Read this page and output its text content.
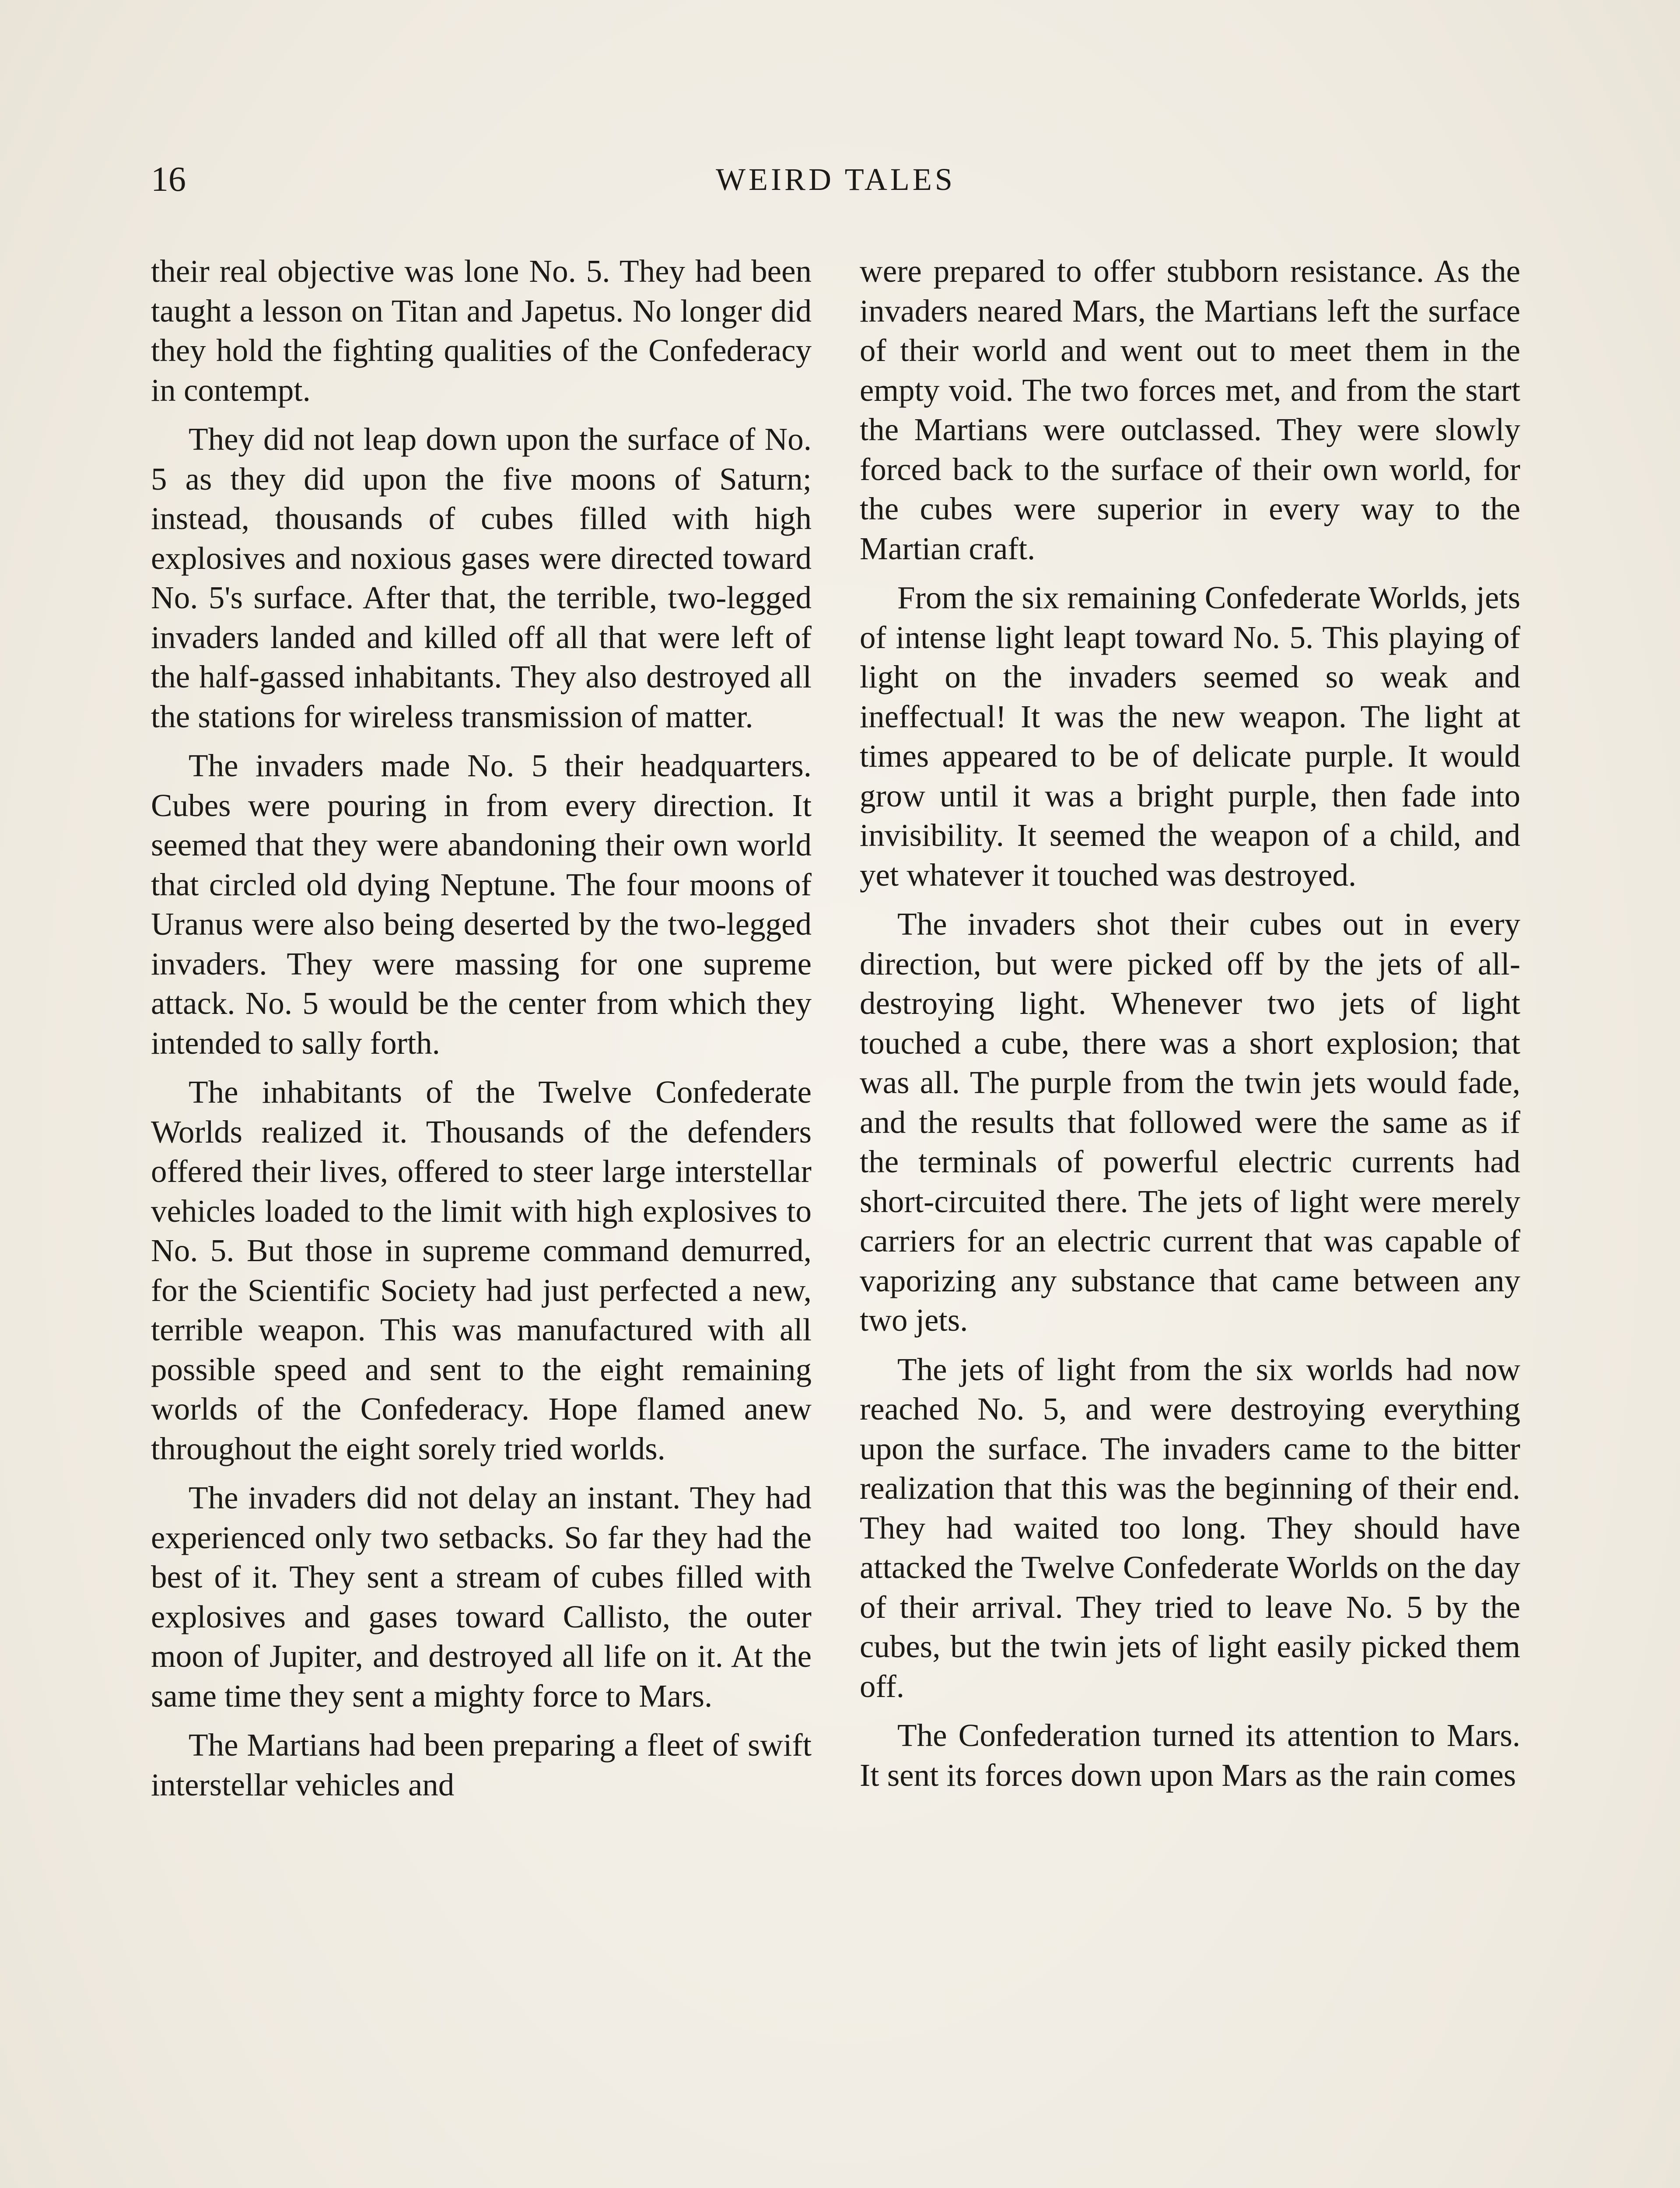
16	WEIRD TALES

their real objective was lone No. 5. They had been taught a lesson on Titan and Japetus. No longer did they hold the fighting qualities of the Confederacy in contempt.

They did not leap down upon the surface of No. 5 as they did upon the five moons of Saturn; instead, thousands of cubes filled with high explosives and noxious gases were directed toward No. 5's surface. After that, the terrible, two-legged invaders landed and killed off all that were left of the half-gassed inhabitants. They also destroyed all the stations for wireless transmission of matter.

The invaders made No. 5 their headquarters. Cubes were pouring in from every direction. It seemed that they were abandoning their own world that circled old dying Neptune. The four moons of Uranus were also being deserted by the two-legged invaders. They were massing for one supreme attack. No. 5 would be the center from which they intended to sally forth.

The inhabitants of the Twelve Confederate Worlds realized it. Thousands of the defenders offered their lives, offered to steer large interstellar vehicles loaded to the limit with high explosives to No. 5. But those in supreme command demurred, for the Scientific Society had just perfected a new, terrible weapon. This was manufactured with all possible speed and sent to the eight remaining worlds of the Confederacy. Hope flamed anew throughout the eight sorely tried worlds.

The invaders did not delay an instant. They had experienced only two setbacks. So far they had the best of it. They sent a stream of cubes filled with explosives and gases toward Callisto, the outer moon of Jupiter, and destroyed all life on it. At the same time they sent a mighty force to Mars.

The Martians had been preparing a fleet of swift interstellar vehicles and

were prepared to offer stubborn resistance. As the invaders neared Mars, the Martians left the surface of their world and went out to meet them in the empty void. The two forces met, and from the start the Martians were outclassed. They were slowly forced back to the surface of their own world, for the cubes were superior in every way to the Martian craft.

From the six remaining Confederate Worlds, jets of intense light leapt toward No. 5. This playing of light on the invaders seemed so weak and ineffectual! It was the new weapon. The light at times appeared to be of delicate purple. It would grow until it was a bright purple, then fade into invisibility. It seemed the weapon of a child, and yet whatever it touched was destroyed.

The invaders shot their cubes out in every direction, but were picked off by the jets of all-destroying light. Whenever two jets of light touched a cube, there was a short explosion; that was all. The purple from the twin jets would fade, and the results that followed were the same as if the terminals of powerful electric currents had short-circuited there. The jets of light were merely carriers for an electric current that was capable of vaporizing any substance that came between any two jets.

The jets of light from the six worlds had now reached No. 5, and were destroying everything upon the surface. The invaders came to the bitter realization that this was the beginning of their end. They had waited too long. They should have attacked the Twelve Confederate Worlds on the day of their arrival. They tried to leave No. 5 by the cubes, but the twin jets of light easily picked them off.

The Confederation turned its attention to Mars. It sent its forces down upon Mars as the rain comes
